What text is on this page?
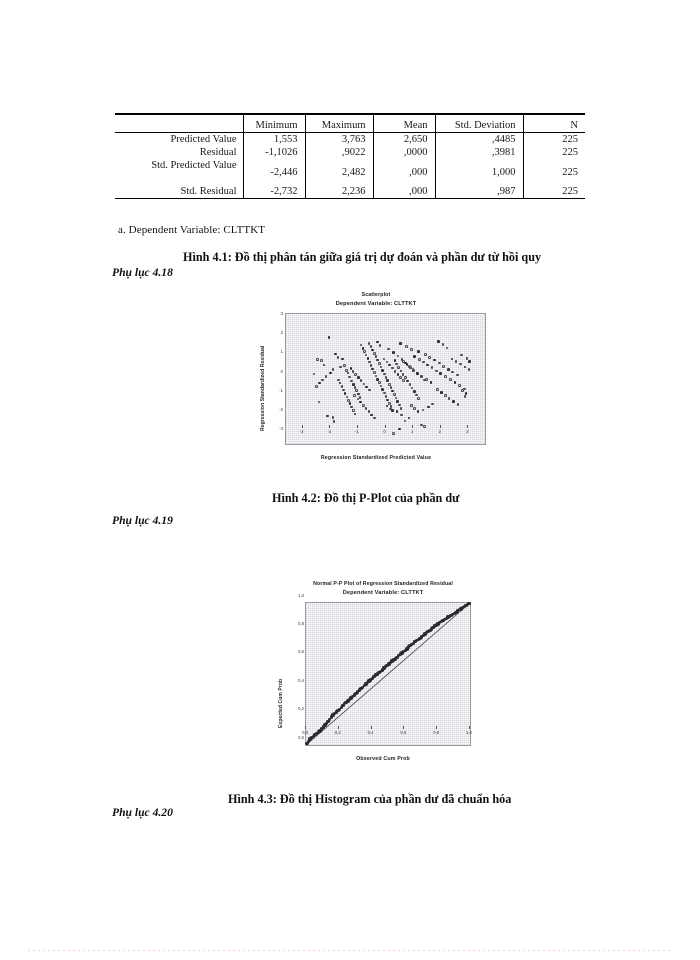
	Minimum	Maximum	Mean	Std. Deviation	N
Predicted Value	1,553	3,763	2,650	,4485	225
Residual	-1,1026	,9022	,0000	,3981	225
Std. Predicted Value	-2,446	2,482	,000	1,000	225
Std. Residual	-2,732	2,236	,000	,987	225
a. Dependent Variable: CLTTKT
Hình 4.1: Đồ thị phân tán giữa giá trị dự đoán và phần dư từ hồi quy
Phụ lục 4.18
Scatterplot
Dependent Variable: CLTTKT
Regression Standardized Predicted Value
Regression Standardized Residual
-3	-2	-1	0	1	2	3
3
2
1
0
-1
-2
-3
Hình 4.2: Đồ thị P-Plot của phần dư
Phụ lục 4.19
Normal P-P Plot of Regression Standardized Residual
Dependent Variable: CLTTKT
Observed Cum Prob
Expected Cum Prob
0,0	0,2	0,4	0,6	0,8	1,0
1,0
0,8
0,6
0,4
0,2
0,0
Hình 4.3: Đồ thị Histogram của phần dư đã chuẩn hóa
Phụ lục 4.20
